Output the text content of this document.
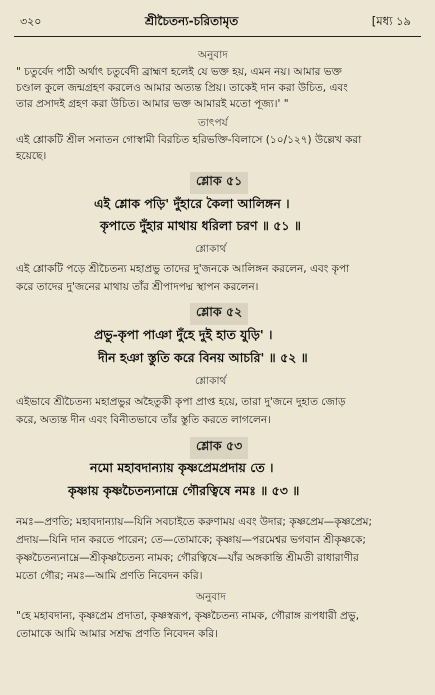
৩২০	শ্রীচৈতন্য-চরিতামৃত	[মধ্য ১৯
অনুবাদ
" চতুর্বেদ পাঠী অর্থাৎ চতুর্বেদী ব্রাহ্মণ হলেই যে ভক্ত হয়, এমন নয়। আমার ভক্ত
চণ্ডাল কুলে জন্মগ্রহণ করলেও আমার অত্যন্ত প্রিয়। তাকেই দান করা উচিত, এবং
তার প্রসাদই গ্রহণ করা উচিত। আমার ভক্ত আমারই মতো পূজ্য।' "
তাৎপর্য
এই শ্লোকটি শ্রীল সনাতন গোস্বামী বিরচিত হরিভক্তি-বিলাসে (১০/১২৭) উল্লেখ করা
হয়েছে।
শ্লোক ৫১
এই শ্লোক পড়ি' দুঁহারে কৈলা আলিঙ্গন ।
কৃপাতে দুঁহার মাথায় ধরিলা চরণ ॥ ৫১ ॥
শ্লোকার্থ
এই শ্লোকটি পড়ে শ্রীচৈতন্য মহাপ্রভু তাদের দু'জনকে আলিঙ্গন করলেন, এবং কৃপা
করে তাদের দু'জনের মাথায় তাঁর শ্রীপাদপদ্ম স্থাপন করলেন।
শ্লোক ৫২
প্রভু-কৃপা পাঞা দুঁহে দুই হাত যুড়ি' ।
দীন হঞা স্তুতি করে বিনয় আচরি' ॥ ৫২ ॥
শ্লোকার্থ
এইভাবে শ্রীচৈতন্য মহাপ্রভুর অহৈতুকী কৃপা প্রাপ্ত হয়ে, তারা দু'জনে দুহাত জোড়
করে, অত্যন্ত দীন এবং বিনীতভাবে তাঁর স্তুতি করতে লাগলেন।
শ্লোক ৫৩
নমো মহাবদান্যায় কৃষ্ণপ্রেমপ্রদায় তে ।
কৃষ্ণায় কৃষ্ণচৈতন্যনাম্নে গৌরত্বিষে নমঃ ॥ ৫৩ ॥
নমঃ—প্রণতি; মহাবদান্যায়—যিনি সবচাইতে করুণাময় এবং উদার; কৃষ্ণপ্রেম—কৃষ্ণপ্রেম;
প্রদায়—যিনি দান করতে পারেন; তে—তোমাকে; কৃষ্ণায়—পরমেশ্বর ভগবান শ্রীকৃষ্ণকে;
কৃষ্ণচৈতন্যনাম্নে—শ্রীকৃষ্ণচৈতন্য নামক; গৌরত্বিষে—যাঁর অঙ্গকান্তি শ্রীমতী রাধারাণীর
মতো গৌর; নমঃ—আমি প্রণতি নিবেদন করি।
অনুবাদ
"হে মহাবদান্য, কৃষ্ণপ্রেম প্রদাতা, কৃষ্ণস্বরূপ, কৃষ্ণচৈতন্য নামক, গৌরাঙ্গ রূপধারী প্রভু,
তোমাকে আমি আমার সশ্রদ্ধ প্রণতি নিবেদন করি।
